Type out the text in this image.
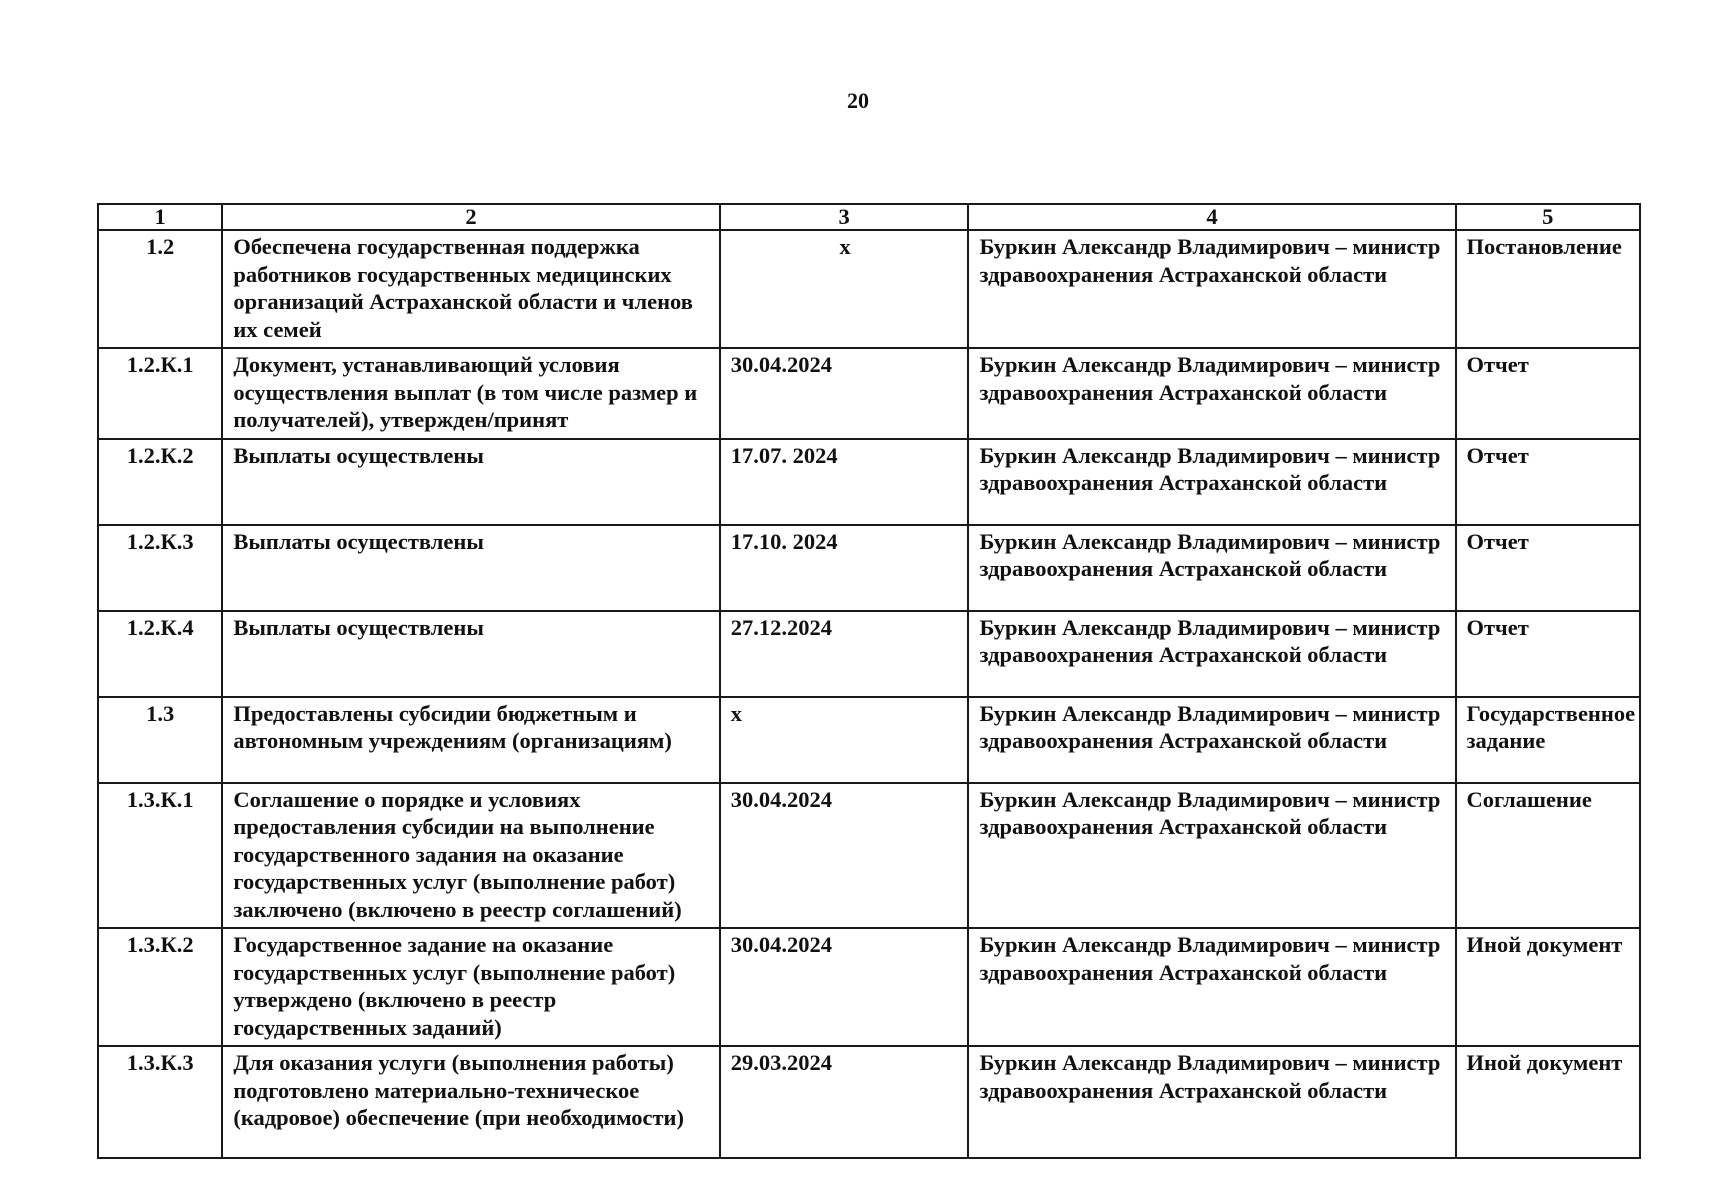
20
1	2	3	4	5
1.2	Обеспечена государственная поддержка работников государственных медицинских организаций Астраханской области и членов их семей	х	Буркин Александр Владимирович – министр здравоохранения Астраханской области	Постановление
1.2.К.1	Документ, устанавливающий условия осуществления выплат (в том числе размер и получателей), утвержден/принят	30.04.2024	Буркин Александр Владимирович – министр здравоохранения Астраханской области	Отчет
1.2.К.2	Выплаты осуществлены	17.07. 2024	Буркин Александр Владимирович – министр здравоохранения Астраханской области	Отчет
1.2.К.3	Выплаты осуществлены	17.10. 2024	Буркин Александр Владимирович – министр здравоохранения Астраханской области	Отчет
1.2.К.4	Выплаты осуществлены	27.12.2024	Буркин Александр Владимирович – министр здравоохранения Астраханской области	Отчет
1.3	Предоставлены субсидии бюджетным и автономным учреждениям (организациям)	х	Буркин Александр Владимирович – министр здравоохранения Астраханской области	Государственное задание
1.3.К.1	Соглашение о порядке и условиях предоставления субсидии на выполнение государственного задания на оказание государственных услуг (выполнение работ) заключено (включено в реестр соглашений)	30.04.2024	Буркин Александр Владимирович – министр здравоохранения Астраханской области	Соглашение
1.3.К.2	Государственное задание на оказание государственных услуг (выполнение работ) утверждено (включено в реестр государственных заданий)	30.04.2024	Буркин Александр Владимирович – министр здравоохранения Астраханской области	Иной документ
1.3.К.3	Для оказания услуги (выполнения работы) подготовлено материально-техническое (кадровое) обеспечение (при необходимости)	29.03.2024	Буркин Александр Владимирович – министр здравоохранения Астраханской области	Иной документ
